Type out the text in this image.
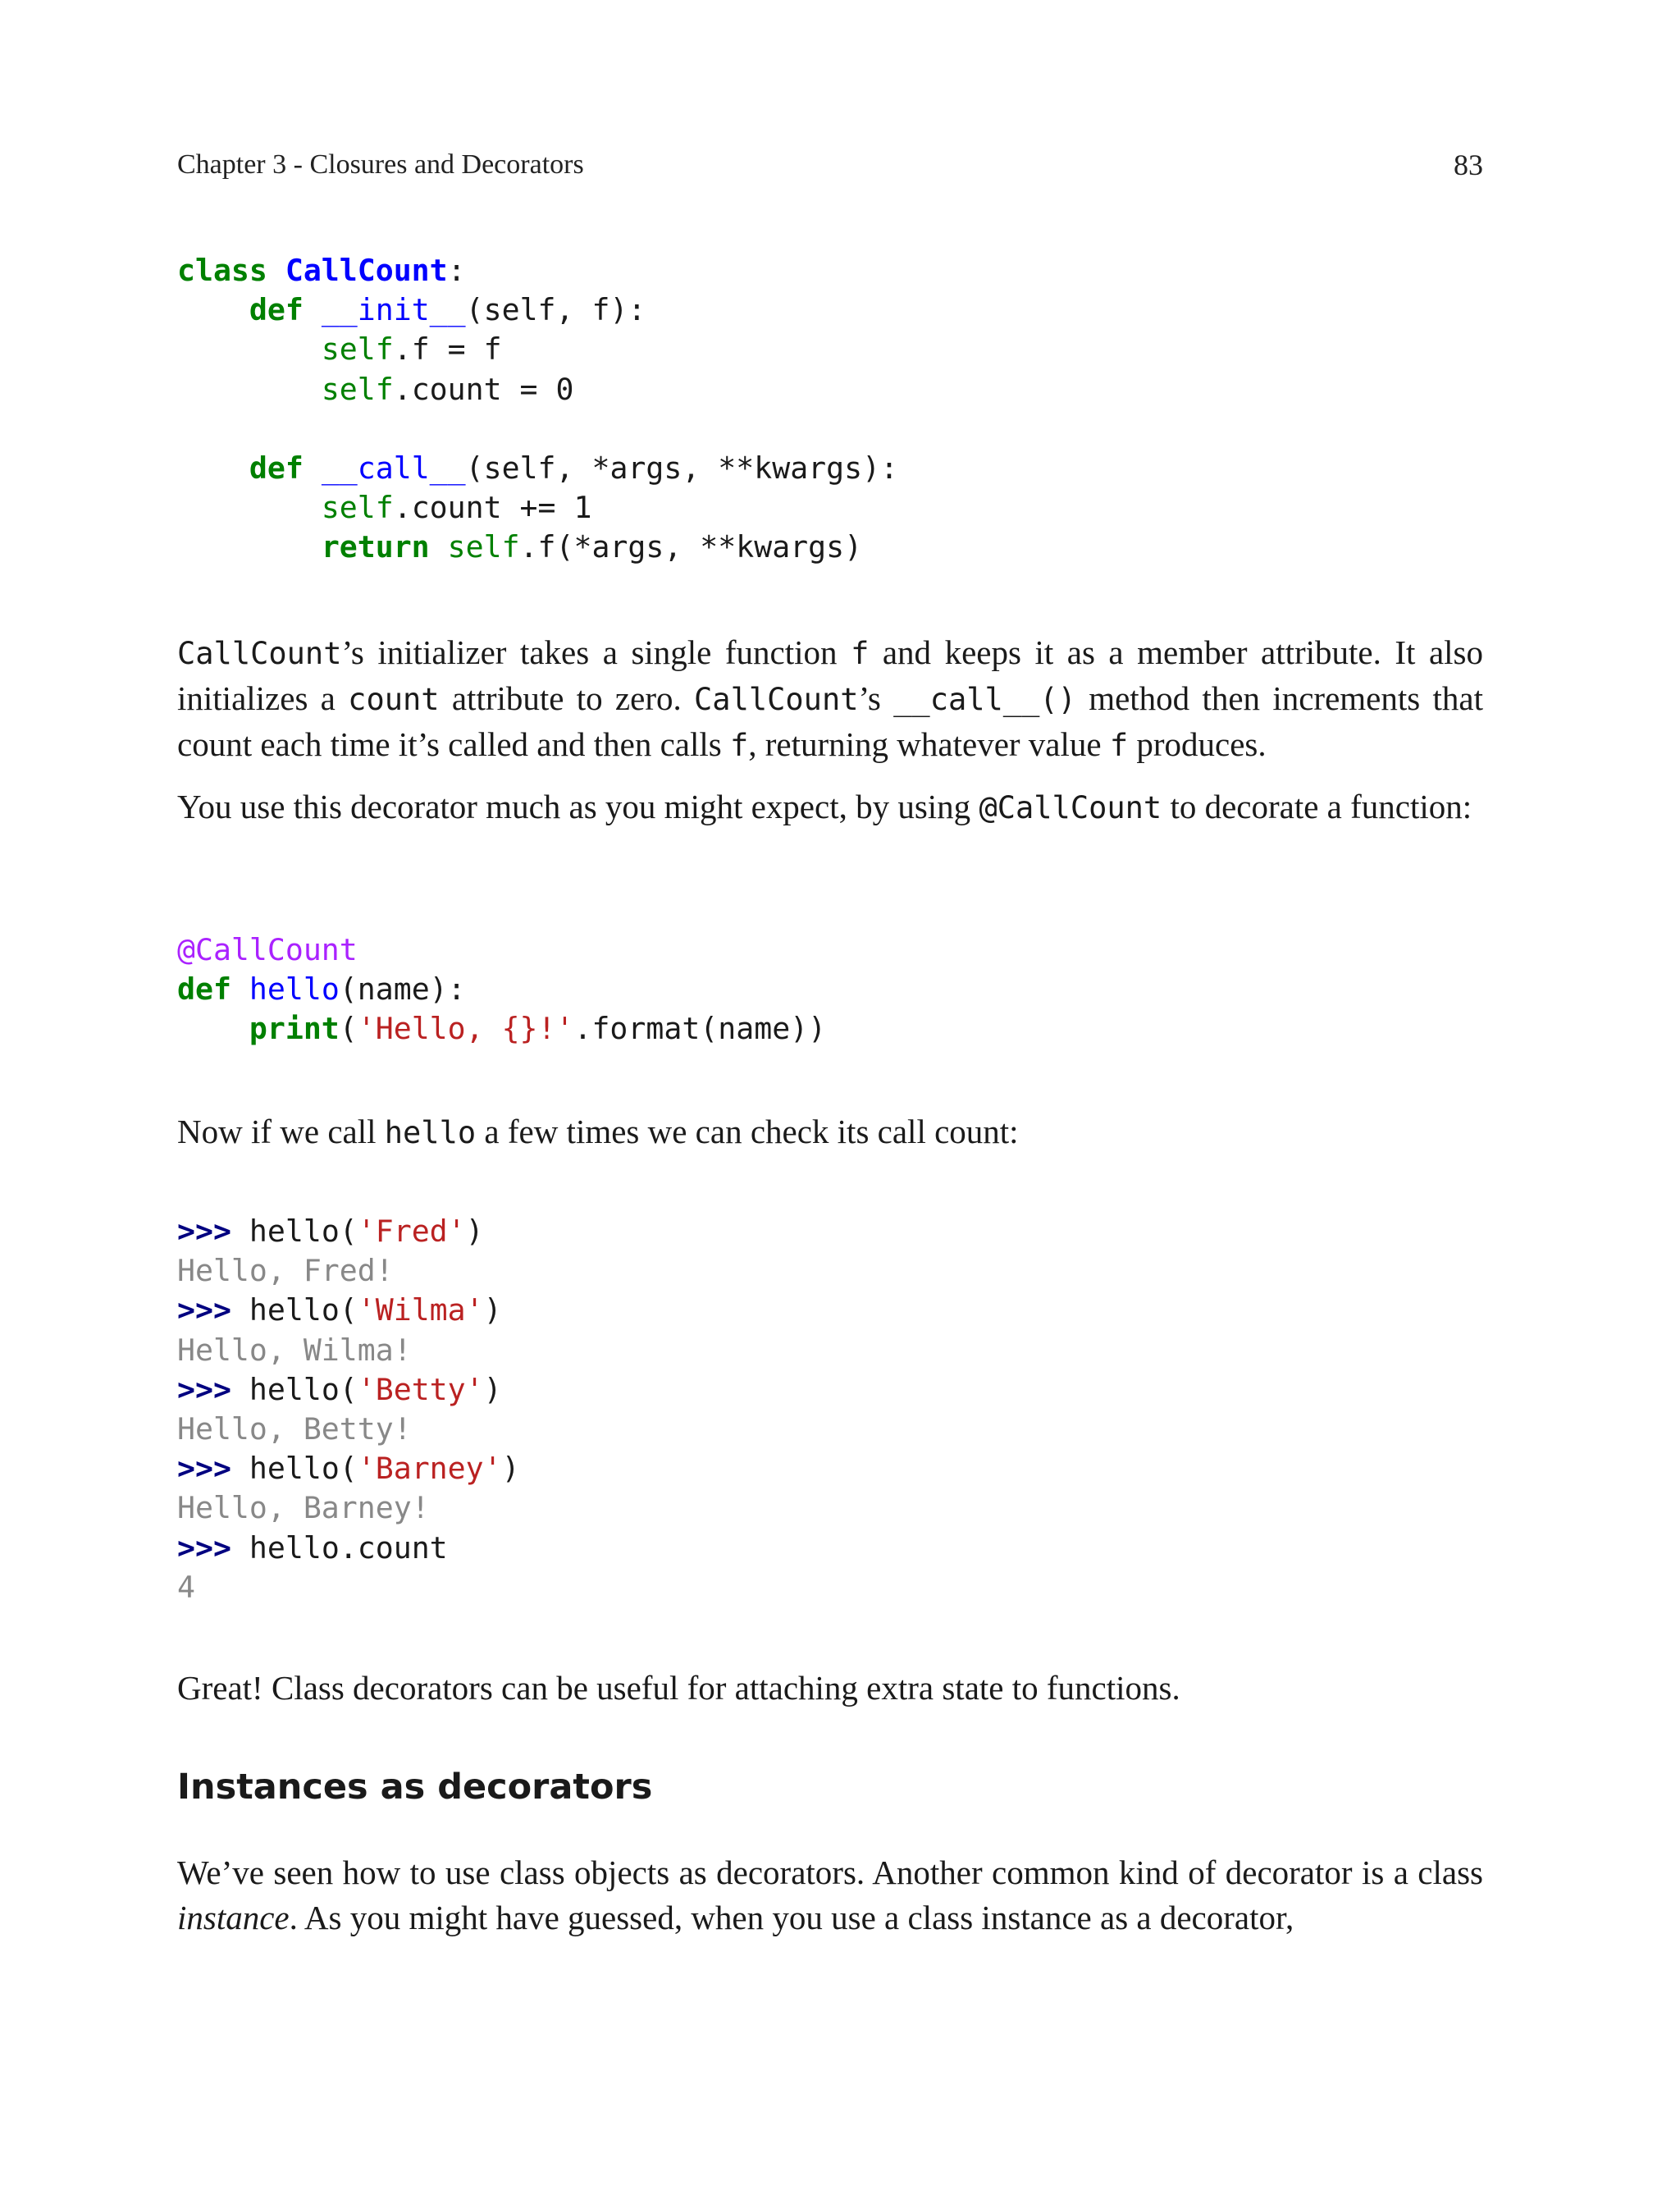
Chapter 3 - Closures and Decorators	83
class CallCount:
def __init__(self, f):
self.f = f
self.count = 0

def __call__(self, *args, **kwargs):
self.count += 1
return self.f(*args, **kwargs)

CallCount’s initializer takes a single function f and keeps it as a member attribute. It also initializes a count attribute to zero. CallCount’s __call__() method then increments that count each time it’s called and then calls f, returning whatever value f produces.

You use this decorator much as you might expect, by using @CallCount to decorate a function:

@CallCount
def hello(name):
print('Hello, {}!'.format(name))

Now if we call hello a few times we can check its call count:

>>> hello('Fred')
Hello, Fred!
>>> hello('Wilma')
Hello, Wilma!
>>> hello('Betty')
Hello, Betty!
>>> hello('Barney')
Hello, Barney!
>>> hello.count
4

Great! Class decorators can be useful for attaching extra state to functions.

Instances as decorators

We’ve seen how to use class objects as decorators. Another common kind of decorator is a class instance. As you might have guessed, when you use a class instance as a decorator,
